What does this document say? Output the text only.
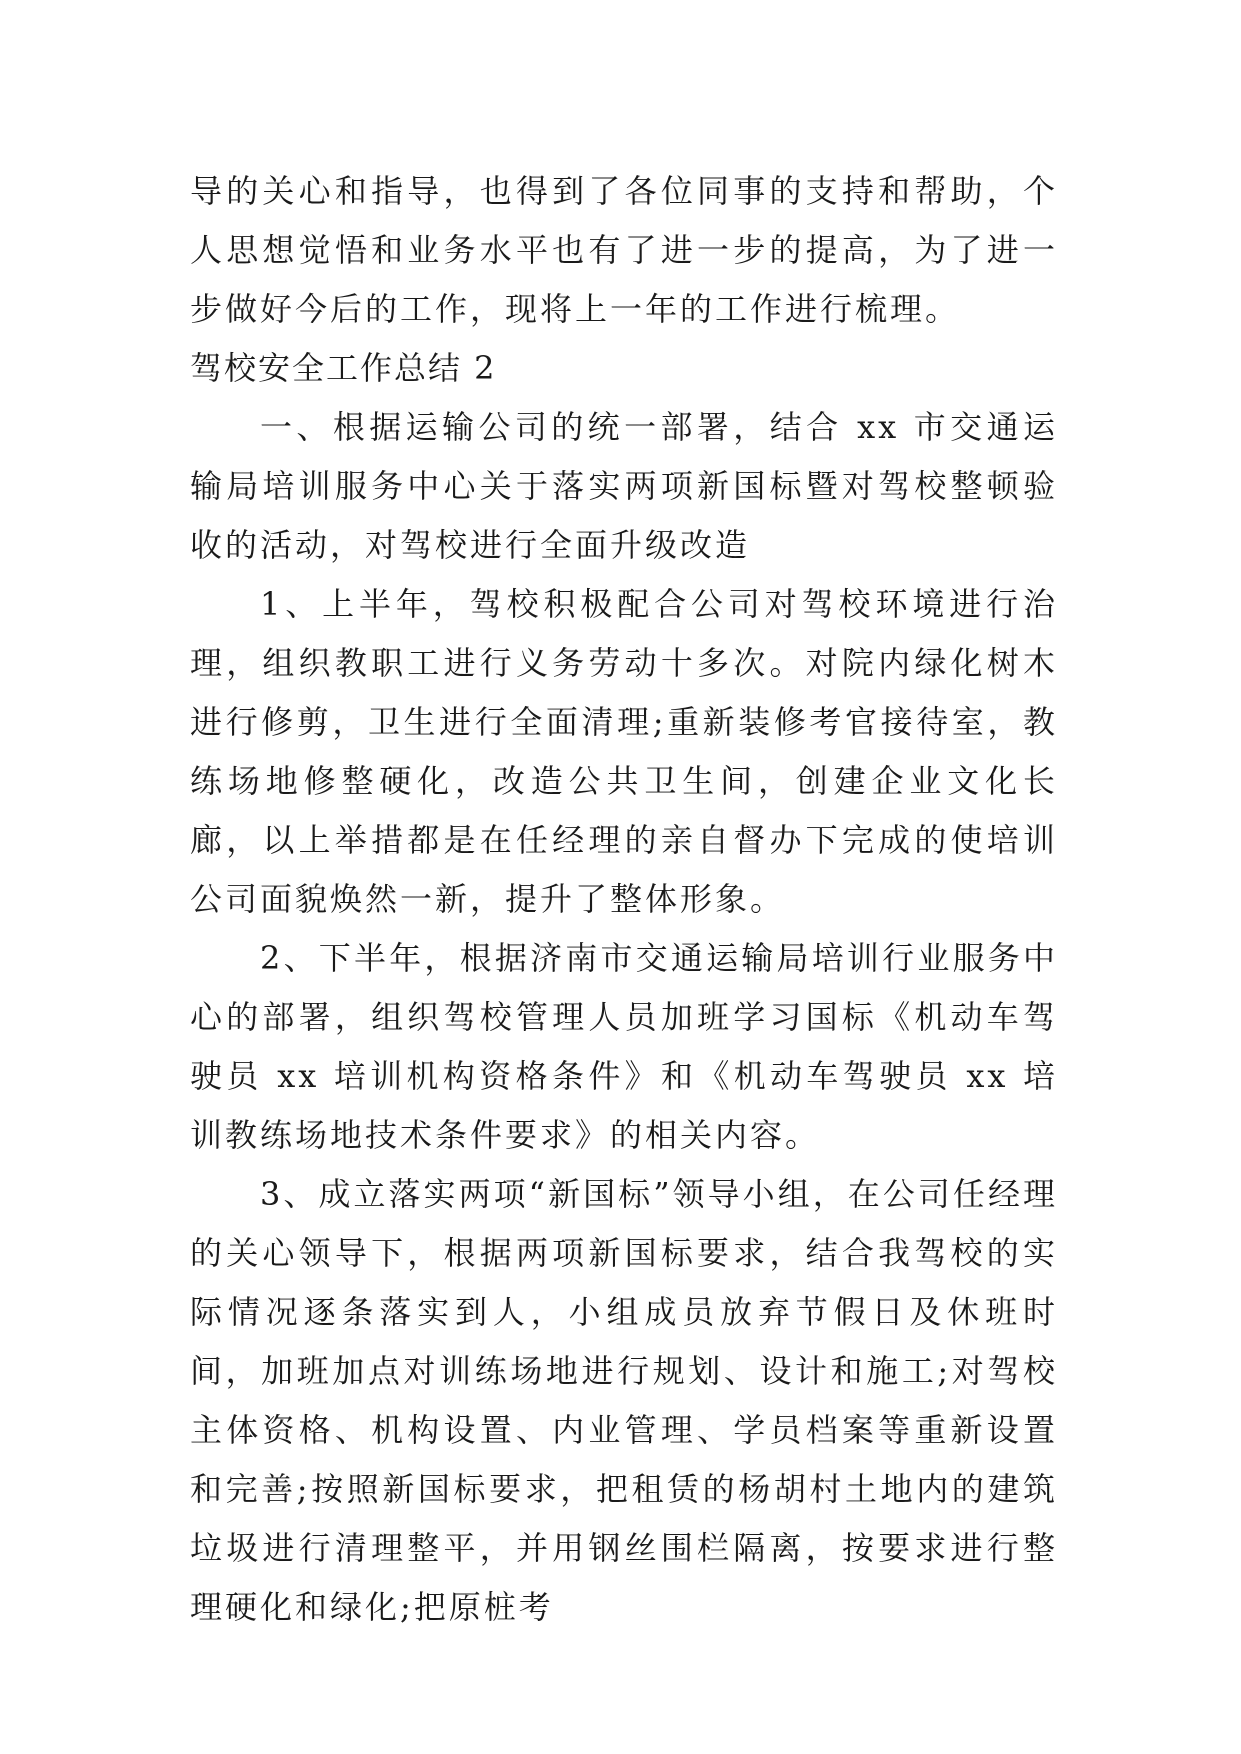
导的关心和指导，也得到了各位同事的支持和帮助，个人思想觉悟和业务水平也有了进一步的提高，为了进一步做好今后的工作，现将上一年的工作进行梳理。

驾校安全工作总结 2

一、根据运输公司的统一部署，结合 xx 市交通运输局培训服务中心关于落实两项新国标暨对驾校整顿验收的活动，对驾校进行全面升级改造

1、上半年，驾校积极配合公司对驾校环境进行治理，组织教职工进行义务劳动十多次。对院内绿化树木进行修剪，卫生进行全面清理;重新装修考官接待室，教练场地修整硬化，改造公共卫生间，创建企业文化长廊，以上举措都是在任经理的亲自督办下完成的使培训公司面貌焕然一新，提升了整体形象。

2、下半年，根据济南市交通运输局培训行业服务中心的部署，组织驾校管理人员加班学习国标《机动车驾驶员 xx 培训机构资格条件》和《机动车驾驶员 xx 培训教练场地技术条件要求》的相关内容。

3、成立落实两项“新国标”领导小组，在公司任经理的关心领导下，根据两项新国标要求，结合我驾校的实际情况逐条落实到人，小组成员放弃节假日及休班时间，加班加点对训练场地进行规划、设计和施工;对驾校主体资格、机构设置、内业管理、学员档案等重新设置和完善;按照新国标要求，把租赁的杨胡村土地内的建筑垃圾进行清理整平，并用钢丝围栏隔离，按要求进行整理硬化和绿化;把原桩考
